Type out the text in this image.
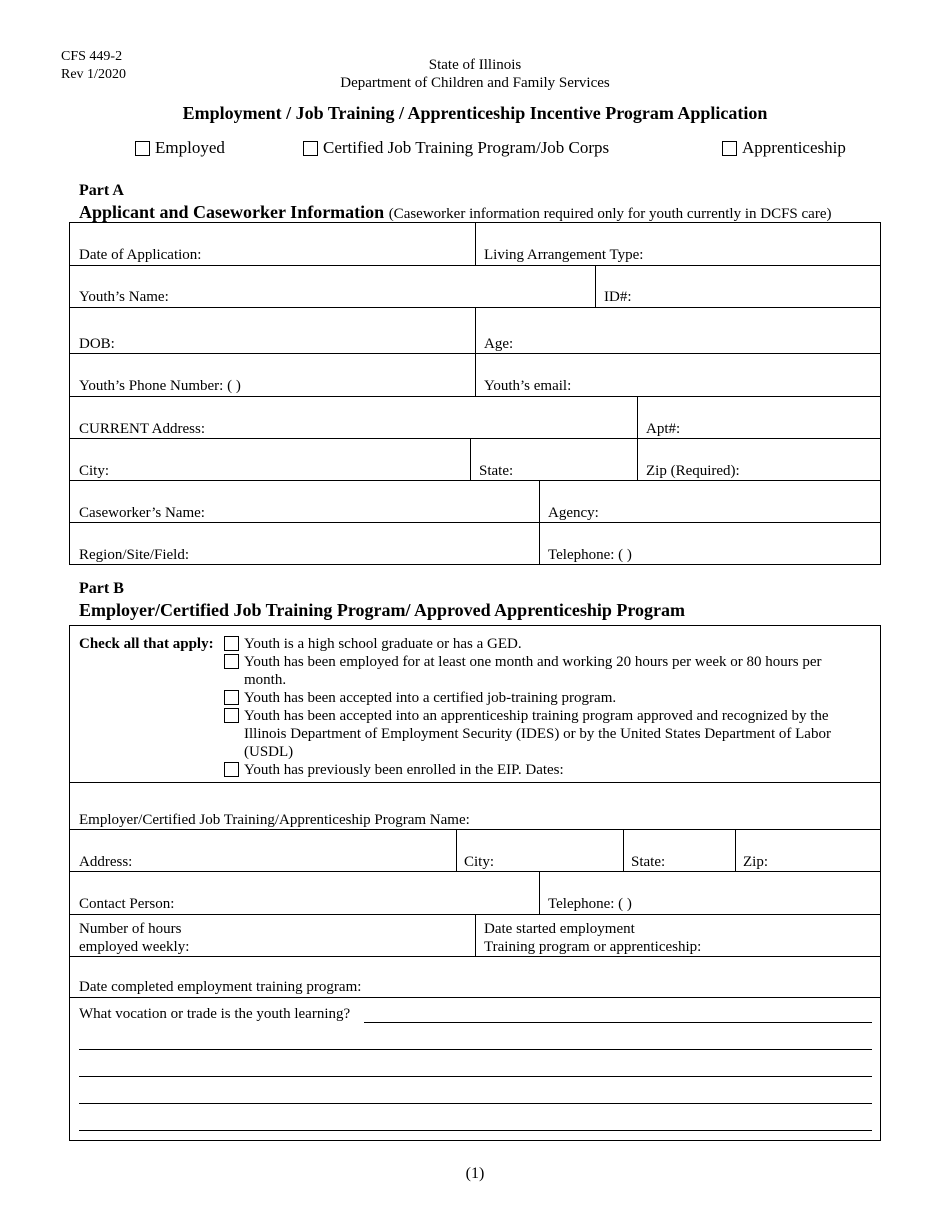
CFS 449-2
Rev 1/2020
State of Illinois
Department of Children and Family Services
Employment / Job Training / Apprenticeship Incentive Program Application
Employed	Certified Job Training Program/Job Corps	Apprenticeship
Part A
Applicant and Caseworker Information (Caseworker information required only for youth currently in DCFS care)
Date of Application:	Living Arrangement Type:
Youth’s Name:	ID#:
DOB:	Age:
Youth’s Phone Number: ( )	Youth’s email:
CURRENT Address:	Apt#:
City:	State:	Zip (Required):
Caseworker’s Name:	Agency:
Region/Site/Field:	Telephone: ( )
Part B
Employer/Certified Job Training Program/ Approved Apprenticeship Program
Check all that apply:	Youth is a high school graduate or has a GED.
Youth has been employed for at least one month and working 20 hours per week or 80 hours per month.
Youth has been accepted into a certified job-training program.
Youth has been accepted into an apprenticeship training program approved and recognized by the Illinois Department of Employment Security (IDES) or by the United States Department of Labor (USDL)
Youth has previously been enrolled in the EIP. Dates:
Employer/Certified Job Training/Apprenticeship Program Name:
Address:	City:	State:	Zip:
Contact Person:	Telephone: ( )
Number of hours
employed weekly:
Date started employment
Training program or apprenticeship:
Date completed employment training program:
What vocation or trade is the youth learning?
(1)
